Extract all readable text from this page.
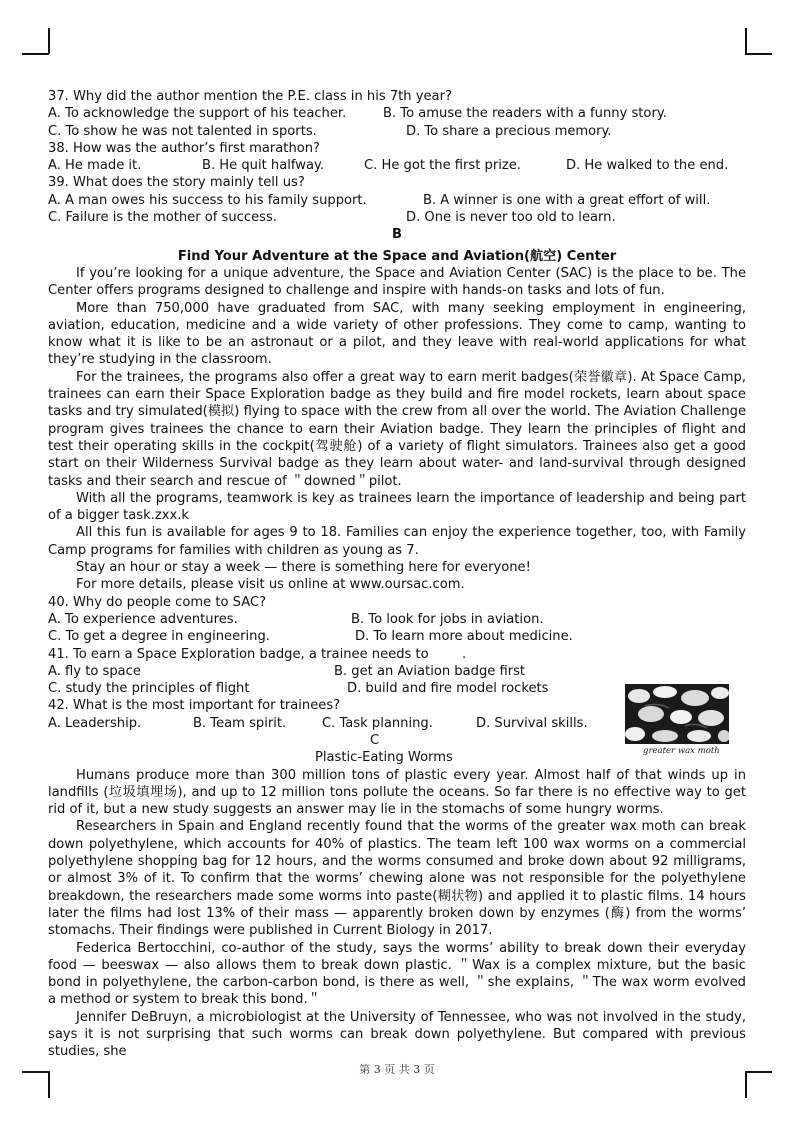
37. Why did the author mention the P.E. class in his 7th year?
A. To acknowledge the support of his teacher.	B. To amuse the readers with a funny story.
C. To show he was not talented in sports.	D. To share a precious memory.
38. How was the author’s first marathon?
A. He made it.	B. He quit halfway.	C. He got the first prize.	D. He walked to the end.
39. What does the story mainly tell us?
A. A man owes his success to his family support.	B. A winner is one with a great effort of will.
C. Failure is the mother of success.	D. One is never too old to learn.
B
Find Your Adventure at the Space and Aviation(航空) Center
If you’re looking for a unique adventure, the Space and Aviation Center (SAC) is the place to be. The Center offers programs designed to challenge and inspire with hands-on tasks and lots of fun.
More than 750,000 have graduated from SAC, with many seeking employment in engineering, aviation, education, medicine and a wide variety of other professions. They come to camp, wanting to know what it is like to be an astronaut or a pilot, and they leave with real-world applications for what they’re studying in the classroom.
For the trainees, the programs also offer a great way to earn merit badges(荣誉徽章). At Space Camp, trainees can earn their Space Exploration badge as they build and fire model rockets, learn about space tasks and try simulated(模拟) flying to space with the crew from all over the world. The Aviation Challenge program gives trainees the chance to earn their Aviation badge. They learn the principles of flight and test their operating skills in the cockpit(驾驶舱) of a variety of flight simulators. Trainees also get a good start on their Wilderness Survival badge as they learn about water- and land-survival through designed tasks and their search and rescue of ＂downed＂pilot.
With all the programs, teamwork is key as trainees learn the importance of leadership and being part of a bigger task.zxx.k
All this fun is available for ages 9 to 18. Families can enjoy the experience together, too, with Family Camp programs for families with children as young as 7.
Stay an hour or stay a week — there is something here for everyone!
For more details, please visit us online at www.oursac.com.
40. Why do people come to SAC?
A. To experience adventures.	B. To look for jobs in aviation.
C. To get a degree in engineering.	D. To learn more about medicine.
41. To earn a Space Exploration badge, a trainee needs to	.
A. fly to space	B. get an Aviation badge first
C. study the principles of flight	D. build and fire model rockets
42. What is the most important for trainees?
A. Leadership.	B. Team spirit.	C. Task planning.	D. Survival skills.
C
Plastic-Eating Worms
Humans produce more than 300 million tons of plastic every year. Almost half of that winds up in landfills (垃圾填埋场), and up to 12 million tons pollute the oceans. So far there is no effective way to get rid of it, but a new study suggests an answer may lie in the stomachs of some hungry worms.
Researchers in Spain and England recently found that the worms of the greater wax moth can break down polyethylene, which accounts for 40% of plastics. The team left 100 wax worms on a commercial polyethylene shopping bag for 12 hours, and the worms consumed and broke down about 92 milligrams, or almost 3% of it. To confirm that the worms’ chewing alone was not responsible for the polyethylene breakdown, the researchers made some worms into paste(糊状物) and applied it to plastic films. 14 hours later the films had lost 13% of their mass — apparently broken down by enzymes (酶) from the worms’ stomachs. Their findings were published in Current Biology in 2017.
Federica Bertocchini, co-author of the study, says the worms’ ability to break down their everyday food — beeswax — also allows them to break down plastic. ＂Wax is a complex mixture, but the basic bond in polyethylene, the carbon-carbon bond, is there as well, ＂she explains, ＂The wax worm evolved a method or system to break this bond.＂
Jennifer DeBruyn, a microbiologist at the University of Tennessee, who was not involved in the study, says it is not surprising that such worms can break down polyethylene. But compared with previous studies, she
greater wax moth
第 3 页 共 3 页
